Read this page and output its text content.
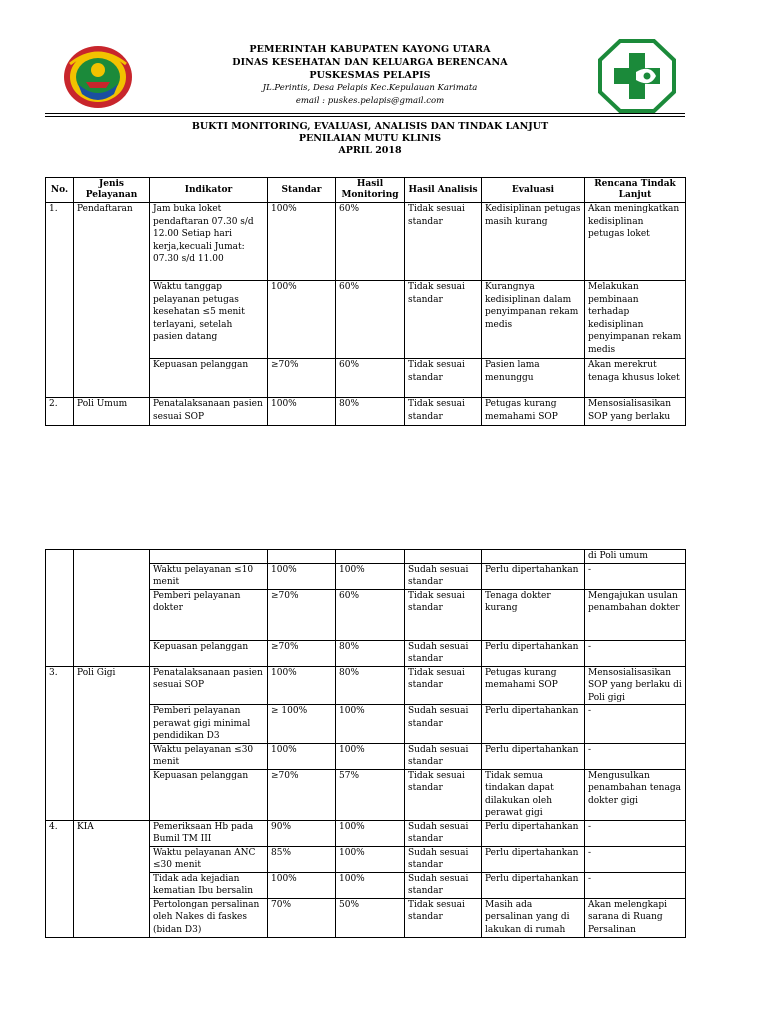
PEMERINTAH KABUPATEN KAYONG UTARA
DINAS KESEHATAN DAN KELUARGA BERENCANA
PUSKESMAS PELAPIS
JL.Perintis, Desa Pelapis Kec.Kepulauan Karimata
email : puskes.pelapis@gmail.com
BUKTI MONITORING, EVALUASI, ANALISIS DAN TINDAK LANJUT
PENILAIAN MUTU KLINIS
APRIL 2018
No.	Jenis Pelayanan	Indikator	Standar	Hasil Monitoring	Hasil Analisis	Evaluasi	Rencana Tindak Lanjut
1.	Pendaftaran	Jam buka loket pendaftaran 07.30 s/d 12.00 Setiap hari kerja,kecuali Jumat: 07.30 s/d 11.00	100%	60%	Tidak sesuai standar	Kedisiplinan petugas masih kurang	Akan meningkatkan kedisiplinan petugas loket
		Waktu tanggap pelayanan petugas kesehatan ≤5 menit terlayani, setelah pasien datang	100%	60%	Tidak sesuai standar	Kurangnya kedisiplinan dalam penyimpanan rekam medis	Melakukan pembinaan terhadap kedisiplinan penyimpanan rekam medis
		Kepuasan pelanggan	≥70%	60%	Tidak sesuai standar	Pasien lama menunggu	Akan merekrut tenaga khusus loket
2.	Poli Umum	Penatalaksanaan pasien sesuai SOP	100%	80%	Tidak sesuai standar	Petugas kurang memahami SOP	Mensosialisasikan SOP yang berlaku
							di Poli umum
		Waktu pelayanan ≤10 menit	100%	100%	Sudah sesuai standar	Perlu dipertahankan	-
		Pemberi pelayanan dokter	≥70%	60%	Tidak sesuai standar	Tenaga dokter kurang	Mengajukan usulan penambahan dokter
		Kepuasan pelanggan	≥70%	80%	Sudah sesuai standar	Perlu dipertahankan	-
3.	Poli Gigi	Penatalaksanaan pasien sesuai SOP	100%	80%	Tidak sesuai standar	Petugas kurang memahami SOP	Mensosialisasikan SOP yang berlaku di Poli gigi
		Pemberi pelayanan perawat gigi minimal pendidikan D3	≥ 100%	100%	Sudah sesuai standar	Perlu dipertahankan	-
		Waktu pelayanan ≤30 menit	100%	100%	Sudah sesuai standar	Perlu dipertahankan	-
		Kepuasan pelanggan	≥70%	57%	Tidak sesuai standar	Tidak semua tindakan dapat dilakukan oleh perawat gigi	Mengusulkan penambahan tenaga dokter gigi
4.	KIA	Pemeriksaan Hb pada Bumil TM III	90%	100%	Sudah sesuai standar	Perlu dipertahankan	-
		Waktu pelayanan ANC ≤30 menit	85%	100%	Sudah sesuai standar	Perlu dipertahankan	-
		Tidak ada kejadian kematian Ibu bersalin	100%	100%	Sudah sesuai standar	Perlu dipertahankan	-
		Pertolongan persalinan oleh Nakes di faskes (bidan D3)	70%	50%	Tidak sesuai standar	Masih ada persalinan yang di lakukan di rumah	Akan melengkapi sarana di Ruang Persalinan
